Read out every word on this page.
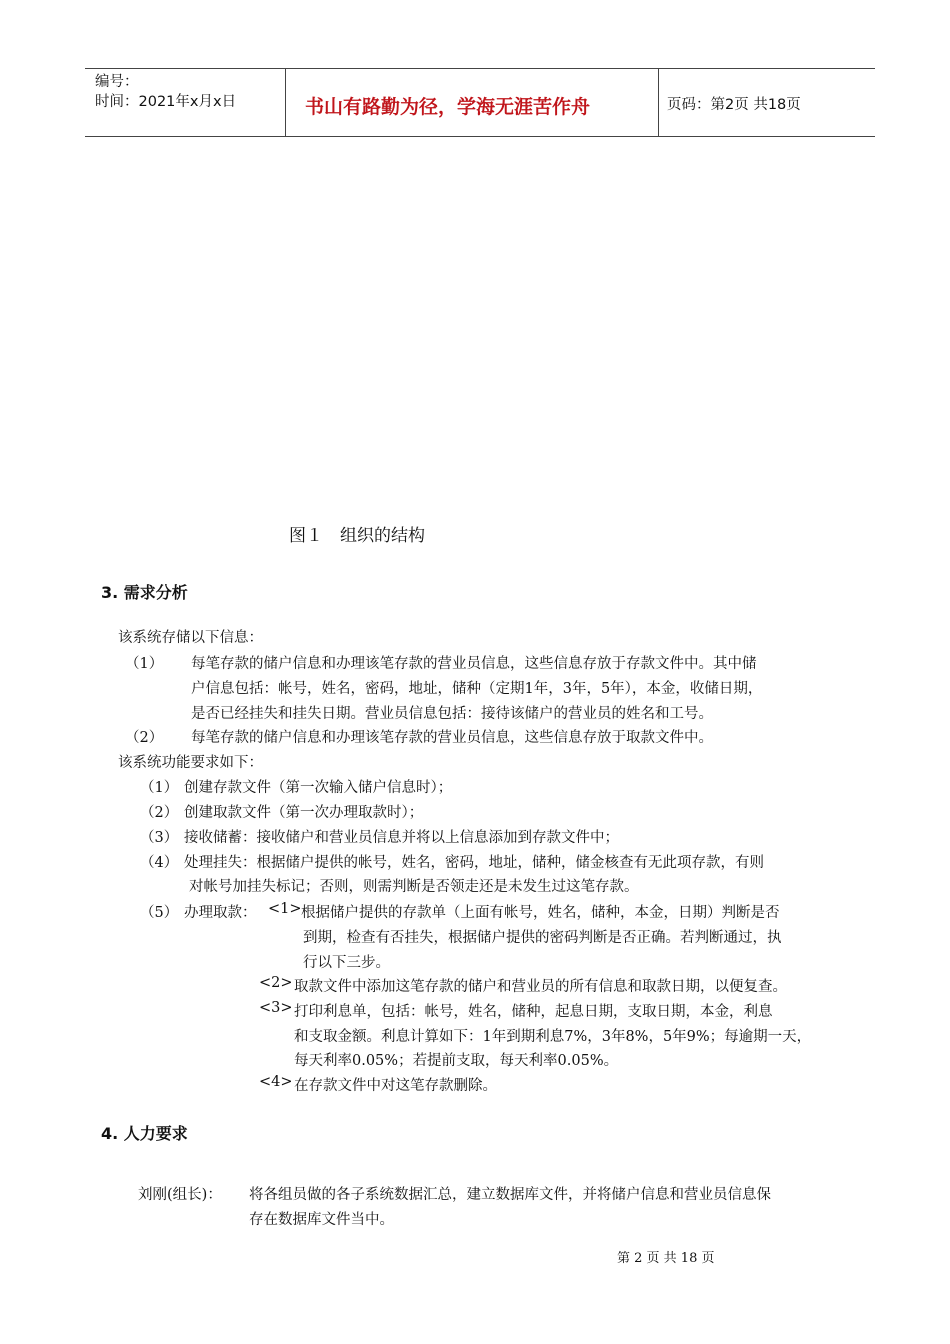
编号：
时间：2021年x月x日	书山有路勤为径，学海无涯苦作舟	页码：第2页 共18页
图１　组织的结构
3. 需求分析
该系统存储以下信息：
（1） 每笔存款的储户信息和办理该笔存款的营业员信息，这些信息存放于存款文件中。其中储
户信息包括：帐号，姓名，密码，地址，储种（定期1年，3年，5年），本金，收储日期，
是否已经挂失和挂失日期。营业员信息包括：接待该储户的营业员的姓名和工号。
（2） 每笔存款的储户信息和办理该笔存款的营业员信息，这些信息存放于取款文件中。
该系统功能要求如下：
（1） 创建存款文件（第一次输入储户信息时）；
（2） 创建取款文件（第一次办理取款时）；
（3） 接收储蓄：接收储户和营业员信息并将以上信息添加到存款文件中；
（4） 处理挂失：根据储户提供的帐号，姓名，密码，地址，储种，储金核查有无此项存款，有则
对帐号加挂失标记；否则，则需判断是否领走还是未发生过这笔存款。
（5） 办理取款： <1> 根据储户提供的存款单（上面有帐号，姓名，储种，本金，日期）判断是否
到期，检查有否挂失，根据储户提供的密码判断是否正确。若判断通过，执
行以下三步。
<2> 取款文件中添加这笔存款的储户和营业员的所有信息和取款日期，以便复查。
<3> 打印利息单，包括：帐号，姓名，储种，起息日期，支取日期，本金，利息
和支取金额。利息计算如下：1年到期利息7%，3年8%，5年9%；每逾期一天，
每天利率0.05%；若提前支取，每天利率0.05%。
<4> 在存款文件中对这笔存款删除。
4. 人力要求
刘刚(组长)： 将各组员做的各子系统数据汇总，建立数据库文件，并将储户信息和营业员信息保
存在数据库文件当中。
第 2 页 共 18 页
